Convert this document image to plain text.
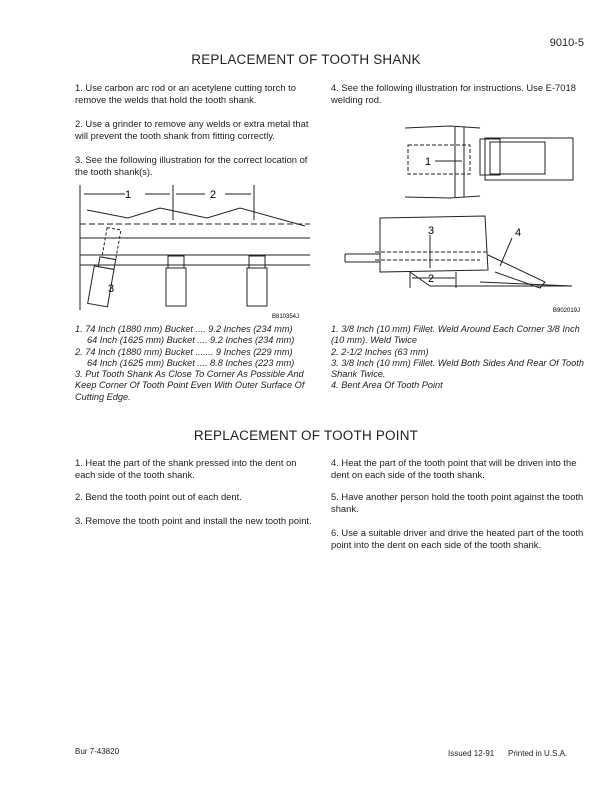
9010-5
REPLACEMENT OF TOOTH SHANK
1. Use carbon arc rod or an acetylene cutting torch to remove the welds that hold the tooth shank.
2. Use a grinder to remove any welds or extra metal that will prevent the tooth shank from fitting correctly.
3. See the following illustration for the correct location of the tooth shank(s).
4. See the following illustration for instructions. Use E-7018 welding rod.
1	2
3
B810354J
1. 74 Inch (1880 mm) Bucket .... 9.2 Inches (234 mm)
64 Inch (1625 mm) Bucket .... 9.2 Inches (234 mm)
2. 74 Inch (1880 mm) Bucket ....... 9 Inches (229 mm)
64 Inch (1625 mm) Bucket .... 8.8 Inches (223 mm)
3. Put Tooth Shank As Close To Corner As Possible And Keep Corner Of Tooth Point Even With Outer Surface Of Cutting Edge.
1
2
3	4
B902019J
1. 3/8 Inch (10 mm) Fillet. Weld Around Each Corner 3/8 Inch (10 mm). Weld Twice
2. 2-1/2 Inches (63 mm)
3. 3/8 Inch (10 mm) Fillet. Weld Both Sides And Rear Of Tooth Shank Twice.
4. Bent Area Of Tooth Point
REPLACEMENT OF TOOTH POINT
1. Heat the part of the shank pressed into the dent on each side of the tooth shank.
2. Bend the tooth point out of each dent.
3. Remove the tooth point and install the new tooth point.
4. Heat the part of the tooth point that will be driven into the dent on each side of the tooth shank.
5. Have another person hold the tooth point against the tooth shank.
6. Use a suitable driver and drive the heated part of the tooth point into the dent on each side of the tooth shank.
Bur 7-43820	Issued 12-91 Printed in U.S.A.
